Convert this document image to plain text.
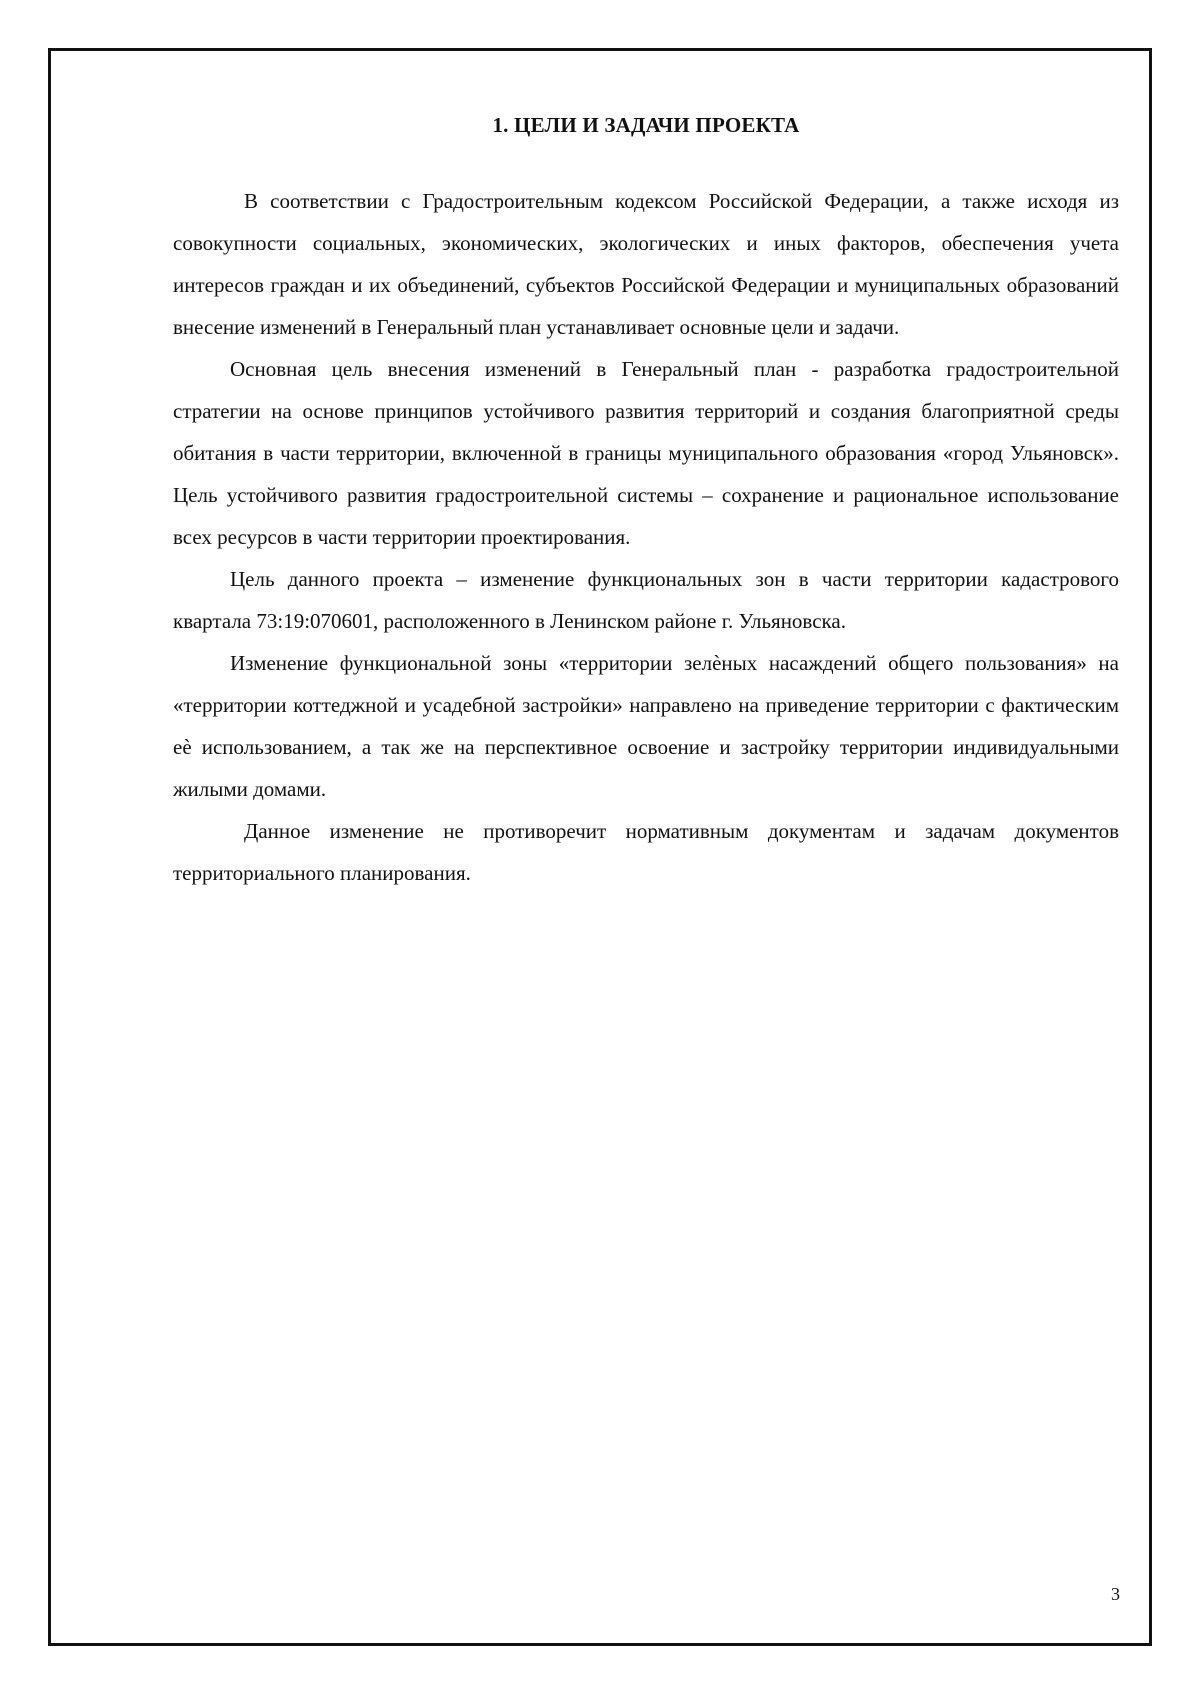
1. ЦЕЛИ И ЗАДАЧИ ПРОЕКТА

В соответствии с Градостроительным кодексом Российской Федерации, а также исходя из совокупности социальных, экономических, экологических и иных факторов, обеспечения учета интересов граждан и их объединений, субъектов Российской Федерации и муниципальных образований внесение изменений в Генеральный план устанавливает основные цели и задачи.

Основная цель внесения изменений в Генеральный план - разработка градостроительной стратегии на основе принципов устойчивого развития территорий и создания благоприятной среды обитания в части территории, включенной в границы муниципального образования «город Ульяновск». Цель устойчивого развития градостроительной системы – сохранение и рациональное использование всех ресурсов в части территории проектирования.

Цель данного проекта – изменение функциональных зон в части территории кадастрового квартала 73:19:070601, расположенного в Ленинском районе г. Ульяновска.

Изменение функциональной зоны «территории зелѐных насаждений общего пользования» на «территории коттеджной и усадебной застройки» направлено на приведение территории с фактическим еѐ использованием, а так же на перспективное освоение и застройку территории индивидуальными жилыми домами.

Данное изменение не противоречит нормативным документам и задачам документов территориального планирования.

3
